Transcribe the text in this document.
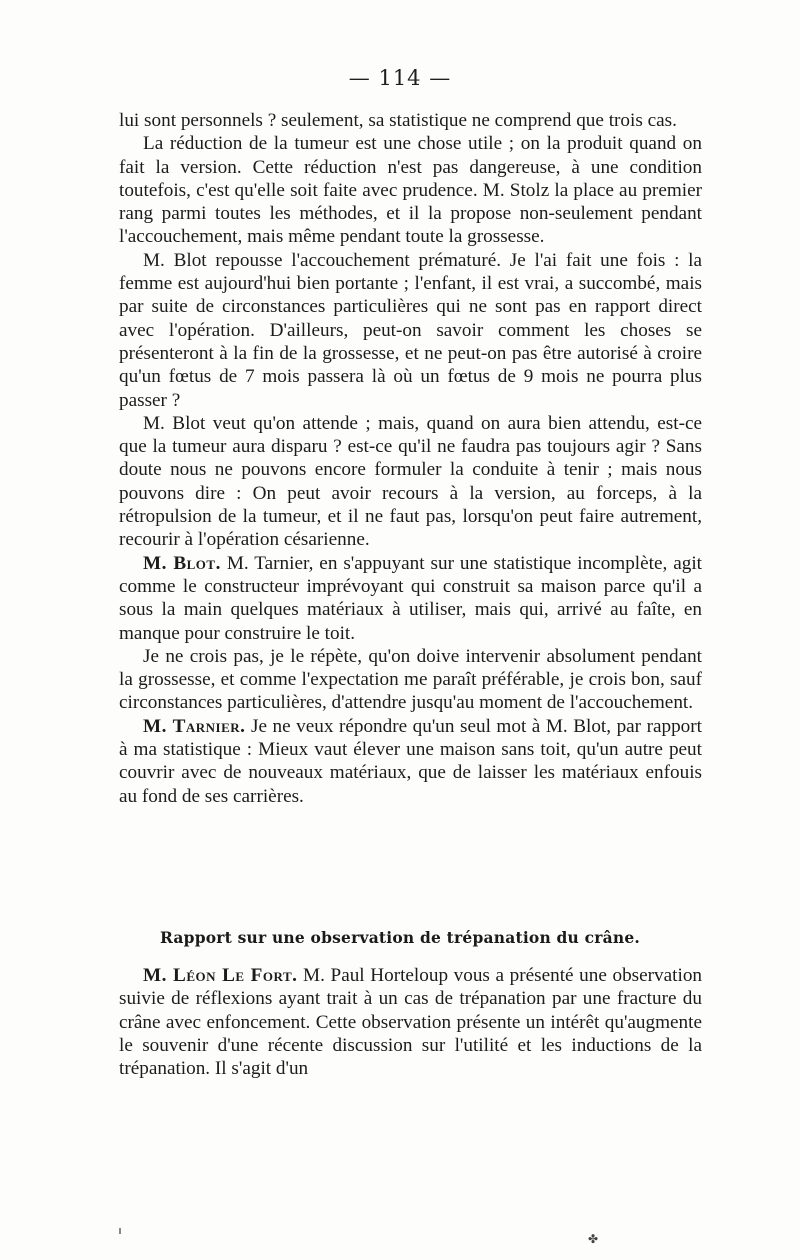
— 114 —

lui sont personnels ? seulement, sa statistique ne comprend que trois cas.

La réduction de la tumeur est une chose utile ; on la produit quand on fait la version. Cette réduction n'est pas dangereuse, à une condition toutefois, c'est qu'elle soit faite avec prudence. M. Stolz la place au premier rang parmi toutes les méthodes, et il la propose non-seulement pendant l'accouchement, mais même pendant toute la grossesse.

M. Blot repousse l'accouchement prématuré. Je l'ai fait une fois : la femme est aujourd'hui bien portante ; l'enfant, il est vrai, a succombé, mais par suite de circonstances particulières qui ne sont pas en rapport direct avec l'opération. D'ailleurs, peut-on savoir comment les choses se présenteront à la fin de la grossesse, et ne peut-on pas être autorisé à croire qu'un fœtus de 7 mois passera là où un fœtus de 9 mois ne pourra plus passer ?

M. Blot veut qu'on attende ; mais, quand on aura bien attendu, est-ce que la tumeur aura disparu ? est-ce qu'il ne faudra pas toujours agir ? Sans doute nous ne pouvons encore formuler la conduite à tenir ; mais nous pouvons dire : On peut avoir recours à la version, au forceps, à la rétropulsion de la tumeur, et il ne faut pas, lorsqu'on peut faire autrement, recourir à l'opération césarienne.

M. Blot. M. Tarnier, en s'appuyant sur une statistique incomplète, agit comme le constructeur imprévoyant qui construit sa maison parce qu'il a sous la main quelques matériaux à utiliser, mais qui, arrivé au faîte, en manque pour construire le toit.

Je ne crois pas, je le répète, qu'on doive intervenir absolument pendant la grossesse, et comme l'expectation me paraît préférable, je crois bon, sauf circonstances particulières, d'attendre jusqu'au moment de l'accouchement.

M. Tarnier. Je ne veux répondre qu'un seul mot à M. Blot, par rapport à ma statistique : Mieux vaut élever une maison sans toit, qu'un autre peut couvrir avec de nouveaux matériaux, que de laisser les matériaux enfouis au fond de ses carrières.

Rapport sur une observation de trépanation du crâne.

M. Léon Le Fort. M. Paul Horteloup vous a présenté une observation suivie de réflexions ayant trait à un cas de trépanation par une fracture du crâne avec enfoncement. Cette observation présente un intérêt qu'augmente le souvenir d'une récente discussion sur l'utilité et les inductions de la trépanation. Il s'agit d'un

✤
